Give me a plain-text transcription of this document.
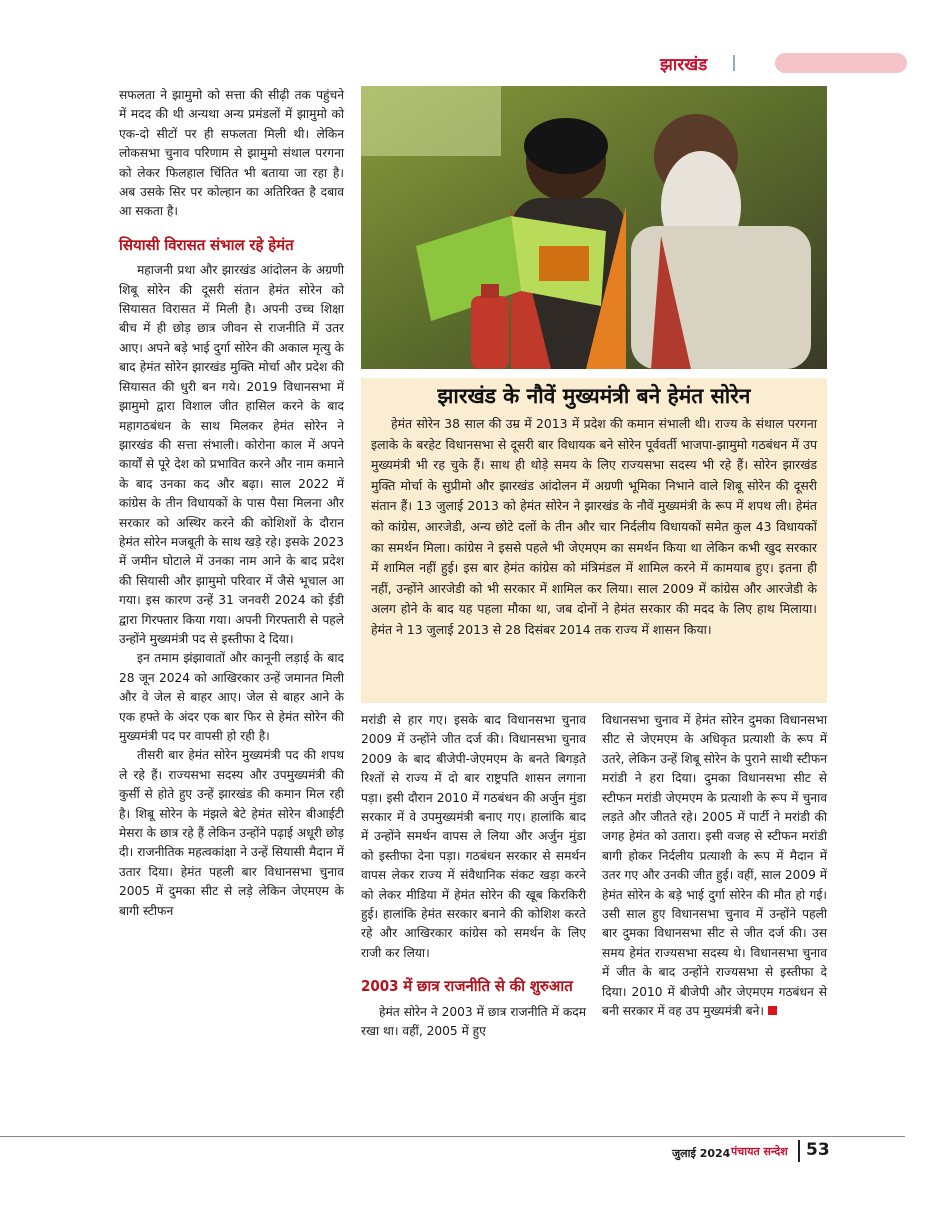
झारखंड

सफलता ने झामुमो को सत्ता की सीढ़ी तक पहुंचने में मदद की थी अन्यथा अन्य प्रमंडलों में झामुमो को एक-दो सीटों पर ही सफलता मिली थी। लेकिन लोकसभा चुनाव परिणाम से झामुमो संथाल परगना को लेकर फिलहाल चिंतित भी बताया जा रहा है। अब उसके सिर पर कोल्हान का अतिरिक्त है दबाव आ सकता है।

सियासी विरासत संभाल रहे हेमंत

महाजनी प्रथा और झारखंड आंदोलन के अग्रणी शिबू सोरेन की दूसरी संतान हेमंत सोरेन को सियासत विरासत में मिली है। अपनी उच्च शिक्षा बीच में ही छोड़ छात्र जीवन से राजनीति में उतर आए। अपने बड़े भाई दुर्गा सोरेन की अकाल मृत्यु के बाद हेमंत सोरेन झारखंड मुक्ति मोर्चा और प्रदेश की सियासत की धुरी बन गये। 2019 विधानसभा में झामुमो द्वारा विशाल जीत हासिल करने के बाद महागठबंधन के साथ मिलकर हेमंत सोरेन ने झारखंड की सत्ता संभाली। कोरोना काल में अपने कार्यों से पूरे देश को प्रभावित करने और नाम कमाने के बाद उनका कद और बढ़ा। साल 2022 में कांग्रेस के तीन विधायकों के पास पैसा मिलना और सरकार को अस्थिर करने की कोशिशों के दौरान हेमंत सोरेन मजबूती के साथ खड़े रहे। इसके 2023 में जमीन घोटाले में उनका नाम आने के बाद प्रदेश की सियासी और झामुमो परिवार में जैसे भूचाल आ गया। इस कारण उन्हें 31 जनवरी 2024 को ईडी द्वारा गिरफ्तार किया गया। अपनी गिरफ्तारी से पहले उन्होंने मुख्यमंत्री पद से इस्तीफा दे दिया।

इन तमाम झंझावातों और कानूनी लड़ाई के बाद 28 जून 2024 को आखिरकार उन्हें जमानत मिली और वे जेल से बाहर आए। जेल से बाहर आने के एक हफ्ते के अंदर एक बार फिर से हेमंत सोरेन की मुख्यमंत्री पद पर वापसी हो रही है।

तीसरी बार हेमंत सोरेन मुख्यमंत्री पद की शपथ ले रहे हैं। राज्यसभा सदस्य और उपमुख्यमंत्री की कुर्सी से होते हुए उन्हें झारखंड की कमान मिल रही है। शिबू सोरेन के मंझले बेटे हेमंत सोरेन बीआईटी मेसरा के छात्र रहे हैं लेकिन उन्होंने पढ़ाई अधूरी छोड़ दी। राजनीतिक महत्वकांक्षा ने उन्हें सियासी मैदान में उतार दिया। हेमंत पहली बार विधानसभा चुनाव 2005 में दुमका सीट से लड़े लेकिन जेएमएम के बागी स्टीफन

झारखंड के नौवें मुख्यमंत्री बने हेमंत सोरेन
हेमंत सोरेन 38 साल की उम्र में 2013 में प्रदेश की कमान संभाली थी। राज्य के संथाल परगना इलाके के बरहेट विधानसभा से दूसरी बार विधायक बने सोरेन पूर्ववर्ती भाजपा-झामुमो गठबंधन में उप मुख्यमंत्री भी रह चुके हैं। साथ ही थोड़े समय के लिए राज्यसभा सदस्य भी रहे हैं। सोरेन झारखंड मुक्ति मोर्चा के सुप्रीमो और झारखंड आंदोलन में अग्रणी भूमिका निभाने वाले शिबू सोरेन की दूसरी संतान हैं। 13 जुलाई 2013 को हेमंत सोरेन ने झारखंड के नौवें मुख्यमंत्री के रूप में शपथ ली। हेमंत को कांग्रेस, आरजेडी, अन्य छोटे दलों के तीन और चार निर्दलीय विधायकों समेत कुल 43 विधायकों का समर्थन मिला। कांग्रेस ने इससे पहले भी जेएमएम का समर्थन किया था लेकिन कभी खुद सरकार में शामिल नहीं हुई। इस बार हेमंत कांग्रेस को मंत्रिमंडल में शामिल करने में कामयाब हुए। इतना ही नहीं, उन्होंने आरजेडी को भी सरकार में शामिल कर लिया। साल 2009 में कांग्रेस और आरजेडी के अलग होने के बाद यह पहला मौका था, जब दोनों ने हेमंत सरकार की मदद के लिए हाथ मिलाया। हेमंत ने 13 जुलाई 2013 से 28 दिसंबर 2014 तक राज्य में शासन किया।

मरांडी से हार गए। इसके बाद विधानसभा चुनाव 2009 में उन्होंने जीत दर्ज की। विधानसभा चुनाव 2009 के बाद बीजेपी-जेएमएम के बनते बिगड़ते रिश्तों से राज्य में दो बार राष्ट्रपति शासन लगाना पड़ा। इसी दौरान 2010 में गठबंधन की अर्जुन मुंडा सरकार में वे उपमुख्यमंत्री बनाए गए। हालांकि बाद में उन्होंने समर्थन वापस ले लिया और अर्जुन मुंडा को इस्तीफा देना पड़ा। गठबंधन सरकार से समर्थन वापस लेकर राज्य में संवैधानिक संकट खड़ा करने को लेकर मीडिया में हेमंत सोरेन की खूब किरकिरी हुई। हालांकि हेमंत सरकार बनाने की कोशिश करते रहे और आखिरकार कांग्रेस को समर्थन के लिए राजी कर लिया।

2003 में छात्र राजनीति से की शुरुआत

हेमंत सोरेन ने 2003 में छात्र राजनीति में कदम रखा था। वहीं, 2005 में हुए

विधानसभा चुनाव में हेमंत सोरेन दुमका विधानसभा सीट से जेएमएम के अधिकृत प्रत्याशी के रूप में उतरे, लेकिन उन्हें शिबू सोरेन के पुराने साथी स्टीफन मरांडी ने हरा दिया। दुमका विधानसभा सीट से स्टीफन मरांडी जेएमएम के प्रत्याशी के रूप में चुनाव लड़ते और जीतते रहे। 2005 में पार्टी ने मरांडी की जगह हेमंत को उतारा। इसी वजह से स्टीफन मरांडी बागी होकर निर्दलीय प्रत्याशी के रूप में मैदान में उतर गए और उनकी जीत हुई। वहीं, साल 2009 में हेमंत सोरेन के बड़े भाई दुर्गा सोरेन की मौत हो गई। उसी साल हुए विधानसभा चुनाव में उन्होंने पहली बार दुमका विधानसभा सीट से जीत दर्ज की। उस समय हेमंत राज्यसभा सदस्य थे। विधानसभा चुनाव में जीत के बाद उन्होंने राज्यसभा से इस्तीफा दे दिया। 2010 में बीजेपी और जेएमएम गठबंधन से बनी सरकार में वह उप मुख्यमंत्री बने।

जुलाई 2024 पंचायत सन्देश 53
